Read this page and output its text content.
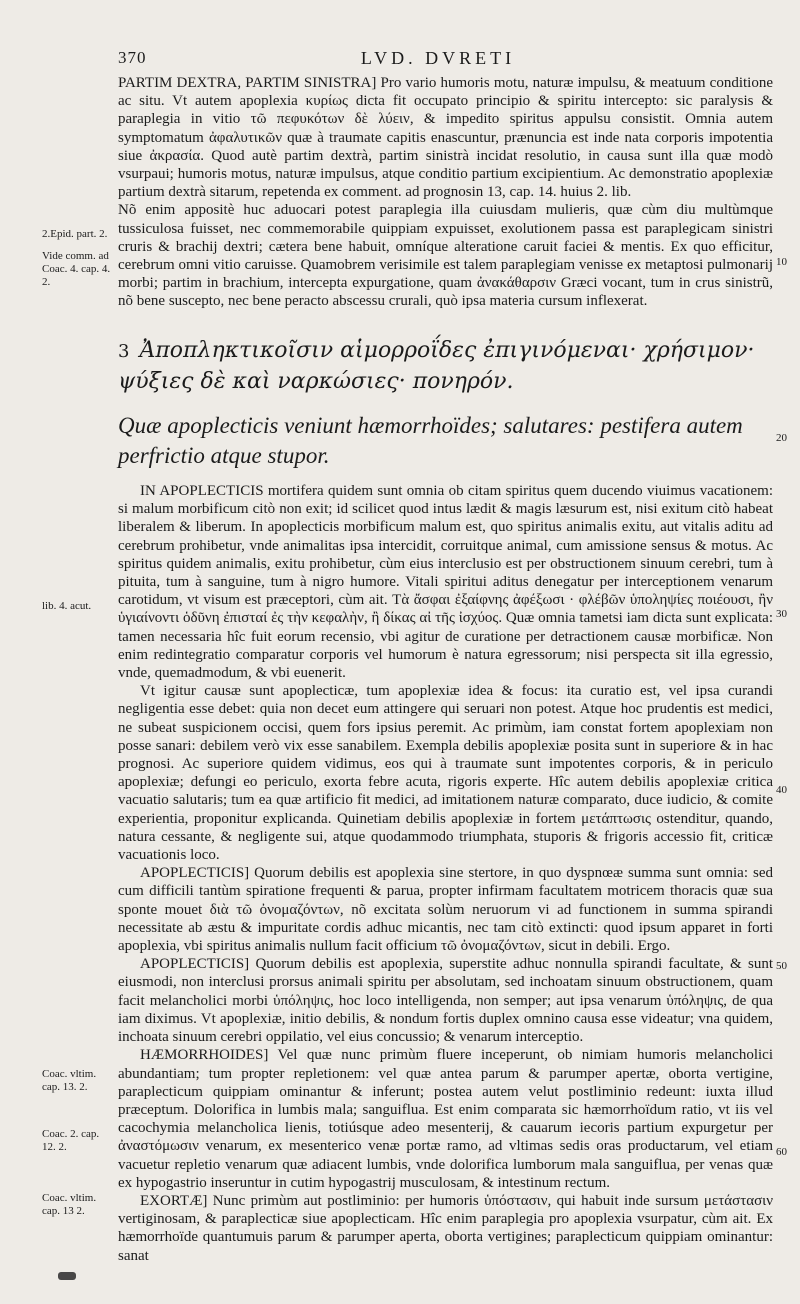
370	LVD. DVRETI

PARTIM DEXTRA, PARTIM SINISTRA] Pro vario humoris motu, naturæ impulsu, & meatuum conditione ac situ. Vt autem apoplexia κυρίως dicta fit occupato principio & spiritu intercepto: sic paralysis & paraplegia in vitio τῶ πεφυκότων δὲ λύειν, & impedito spiritus appulsu consistit. Omnia autem symptomatum ἀφαλυτικῶν quæ à traumate capitis enascuntur, prænuncia est inde nata corporis impotentia siue ἀκρασία. Quod autè partim dextrà, partim sinistrà incidat resolutio, in causa sunt illa quæ modò vsurpaui; humoris motus, naturæ impulsus, atque conditio partium excipientium. Ac demonstratio apoplexiæ partium dextrà sitarum, repetenda ex comment. ad prognosin 13, cap. 14. huius 2. lib.

Nõ enim appositè huc aduocari potest paraplegia illa cuiusdam mulieris, quæ cùm diu multùmque tussiculosa fuisset, nec commemorabile quippiam expuisset, exolutionem passa est paraplegicam sinistri cruris & brachij dextri; cætera bene habuit, omníque alteratione caruit faciei & mentis. Ex quo efficitur, cerebrum omni vitio caruisse. Quamobrem verisimile est talem paraplegiam venisse ex metaptosi pulmonarij morbi; partim in brachium, intercepta expurgatione, quam ἀνακάθαρσιν Græci vocant, tum in crus sinistrũ, nõ bene suscepto, nec bene peracto abscessu crurali, quò ipsa materia cursum inflexerat.

3 Ἀποπληκτικοῖσιν αἱμορροΐδες ἐπιγινόμεναι· χρήσιμον· ψύξιες δὲ καὶ ναρκώσιες· πονηρόν.
Quæ apoplecticis veniunt hæmorrhoïdes; salutares: pestifera autem perfrictio atque stupor.

IN APOPLECTICIS mortifera quidem sunt omnia ob citam spiritus quem ducendo viuimus vacationem: si malum morbificum citò non exit; id scilicet quod intus lædit & magis læsurum est, nisi exitum citò habeat liberalem & liberum. In apoplecticis morbificum malum est, quo spiritus animalis exitu, aut vitalis aditu ad cerebrum prohibetur, vnde animalitas ipsa intercidit, corruitque animal, cum amissione sensus & motus. Ac spiritus quidem animalis, exitu prohibetur, cùm eius interclusio est per obstructionem sinuum cerebri, tum à pituita, tum à sanguine, tum à nigro humore. Vitali spiritui aditus denegatur per interceptionem venarum carotidum, vt visum est præceptori, cùm ait. Τὰ ἄσφαι ἐξαίφνης ἀφέξωσι · φλέβῶν ὑποληψίες ποιέουσι, ἢν ὑγιαίνοντι ὁδῦνη ἐπισταί ἐς τὴν κεφαλὴν, ἢ δίκας αἰ τῆς ἰσχύος. Quæ omnia tametsi iam dicta sunt explicata: tamen necessaria hîc fuit eorum recensio, vbi agitur de curatione per detractionem causæ morbificæ. Non enim redintegratio comparatur corporis vel humorum è natura egressorum; nisi perspecta sit illa egressio, vnde, quemadmodum, & vbi euenerit.

Vt igitur causæ sunt apoplecticæ, tum apoplexiæ idea & focus: ita curatio est, vel ipsa curandi negligentia esse debet: quia non decet eum attingere qui seruari non potest. Atque hoc prudentis est medici, ne subeat suspicionem occisi, quem fors ipsius peremit. Ac primùm, iam constat fortem apoplexiam non posse sanari: debilem verò vix esse sanabilem. Exempla debilis apoplexiæ posita sunt in superiore & in hac prognosi. Ac superiore quidem vidimus, eos qui à traumate sunt impotentes corporis, & in periculo apoplexiæ; defungi eo periculo, exorta febre acuta, rigoris experte. Hîc autem debilis apoplexiæ critica vacuatio salutaris; tum ea quæ artificio fit medici, ad imitationem naturæ comparato, duce iudicio, & comite experientia, proponitur explicanda. Quinetiam debilis apoplexiæ in fortem μετάπτωσις ostenditur, quando, natura cessante, & negligente sui, atque quodammodo triumphata, stuporis & frigoris accessio fit, criticæ vacuationis loco.

APOPLECTICIS] Quorum debilis est apoplexia sine stertore, in quo dyspnœæ summa sunt omnia: sed cum difficili tantùm spiratione frequenti & parua, propter infirmam facultatem motricem thoracis quæ sua sponte mouet διὰ τῶ ὀνομαζόντων, nõ excitata solùm neruorum vi ad functionem in summa spirandi necessitate ab æstu & impuritate cordis adhuc micantis, nec tam citò extincti: quod ipsum apparet in forti apoplexia, vbi spiritus animalis nullum facit officium τῶ ὀνομαζόντων, sicut in debili. Ergo.

APOPLECTICIS] Quorum debilis est apoplexia, superstite adhuc nonnulla spirandi facultate, & sunt eiusmodi, non interclusi prorsus animali spiritu per absolutam, sed inchoatam sinuum obstructionem, quam facit melancholici morbi ὑπόληψις, hoc loco intelligenda, non semper; aut ipsa venarum ὑπόληψις, de qua iam diximus. Vt apoplexiæ, initio debilis, & nondum fortis duplex omnino causa esse videatur; vna quidem, inchoata sinuum cerebri oppilatio, vel eius concussio; & venarum interceptio.

HÆMORRHOIDES] Vel quæ nunc primùm fluere inceperunt, ob nimiam humoris melancholici abundantiam; tum propter repletionem: vel quæ antea parum & parumper apertæ, oborta vertigine, paraplecticum quippiam ominantur & inferunt; postea autem velut postliminio redeunt: iuxta illud præceptum. Dolorifica in lumbis mala; sanguiflua. Est enim comparata sic hæmorrhoïdum ratio, vt iis vel cacochymia melancholica lienis, totiúsque adeo mesenterij, & cauarum iecoris partium expurgetur per ἀναστόμωσιν venarum, ex mesenterico venæ portæ ramo, ad vltimas sedis oras productarum, vel etiam vacuetur repletio venarum quæ adiacent lumbis, vnde dolorifica lumborum mala sanguiflua, per venas quæ ex hypogastrio inseruntur in cutim hypogastrij musculosam, & intestinum rectum.

EXORTÆ] Nunc primùm aut postliminio: per humoris ὑπόστασιν, qui habuit inde sursum μετάστασιν vertiginosam, & paraplecticæ siue apoplecticam. Hîc enim paraplegia pro apoplexia vsurpatur, cùm ait. Ex hæmorrhoïde quantumuis parum & parumper aperta, oborta vertigines; paraplecticum quippiam ominantur: sanat

2.Epid. part. 2.
Vide comm. ad Coac. 4. cap. 4. 2.
lib. 4. acut.
Coac. vltim. cap. 13. 2.
Coac. 2. cap. 12. 2.
Coac. vltim. cap. 13 2.
10
20
30
40
50
60
